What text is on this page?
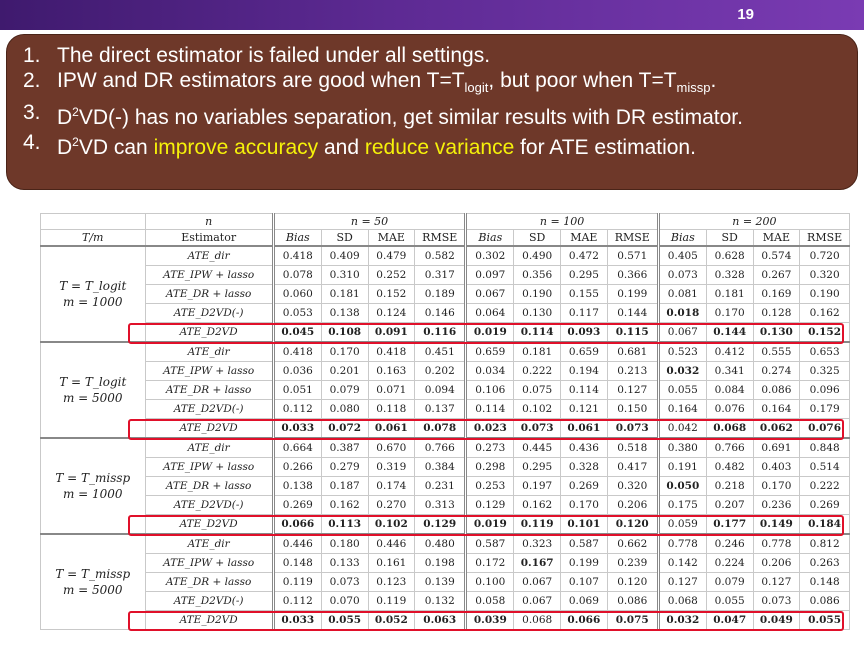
19
1. The direct estimator is failed under all settings.
2. IPW and DR estimators are good when $T=T_{logit}$, but poor when $T=T_{missp}$.
3. $D^2VD(-)$ has no variables separation, get similar results with DR estimator.
4. $D^2VD$ can improve accuracy and reduce variance for ATE estimation.
	n	n = 50				n = 100				n = 200			
T/m	Estimator	Bias	SD	MAE	RMSE	Bias	SD	MAE	RMSE	Bias	SD	MAE	RMSE

T = T_logit
m = 1000	ATE_dir	0.418	0.409	0.479	0.582	0.302	0.490	0.472	0.571	0.405	0.628	0.574	0.720
	ATE_IPW + lasso	0.078	0.310	0.252	0.317	0.097	0.356	0.295	0.366	0.073	0.328	0.267	0.320
	ATE_DR + lasso	0.060	0.181	0.152	0.189	0.067	0.190	0.155	0.199	0.081	0.181	0.169	0.190
	ATE_D2VD(-)	0.053	0.138	0.124	0.146	0.064	0.130	0.117	0.144	0.018	0.170	0.128	0.162
	ATE_D2VD	0.045	0.108	0.091	0.116	0.019	0.114	0.093	0.115	0.067	0.144	0.130	0.152

T = T_logit
m = 5000	ATE_dir	0.418	0.170	0.418	0.451	0.659	0.181	0.659	0.681	0.523	0.412	0.555	0.653
	ATE_IPW + lasso	0.036	0.201	0.163	0.202	0.034	0.222	0.194	0.213	0.032	0.341	0.274	0.325
	ATE_DR + lasso	0.051	0.079	0.071	0.094	0.106	0.075	0.114	0.127	0.055	0.084	0.086	0.096
	ATE_D2VD(-)	0.112	0.080	0.118	0.137	0.114	0.102	0.121	0.150	0.164	0.076	0.164	0.179
	ATE_D2VD	0.033	0.072	0.061	0.078	0.023	0.073	0.061	0.073	0.042	0.068	0.062	0.076

T = T_missp
m = 1000	ATE_dir	0.664	0.387	0.670	0.766	0.273	0.445	0.436	0.518	0.380	0.766	0.691	0.848
	ATE_IPW + lasso	0.266	0.279	0.319	0.384	0.298	0.295	0.328	0.417	0.191	0.482	0.403	0.514
	ATE_DR + lasso	0.138	0.187	0.174	0.231	0.253	0.197	0.269	0.320	0.050	0.218	0.170	0.222
	ATE_D2VD(-)	0.269	0.162	0.270	0.313	0.129	0.162	0.170	0.206	0.175	0.207	0.236	0.269
	ATE_D2VD	0.066	0.113	0.102	0.129	0.019	0.119	0.101	0.120	0.059	0.177	0.149	0.184

T = T_missp
m = 5000	ATE_dir	0.446	0.180	0.446	0.480	0.587	0.323	0.587	0.662	0.778	0.246	0.778	0.812
	ATE_IPW + lasso	0.148	0.133	0.161	0.198	0.172	0.167	0.199	0.239	0.142	0.224	0.206	0.263
	ATE_DR + lasso	0.119	0.073	0.123	0.139	0.100	0.067	0.107	0.120	0.127	0.079	0.127	0.148
	ATE_D2VD(-)	0.112	0.070	0.119	0.132	0.058	0.067	0.069	0.086	0.068	0.055	0.073	0.086
	ATE_D2VD	0.033	0.055	0.052	0.063	0.039	0.068	0.066	0.075	0.032	0.047	0.049	0.055
